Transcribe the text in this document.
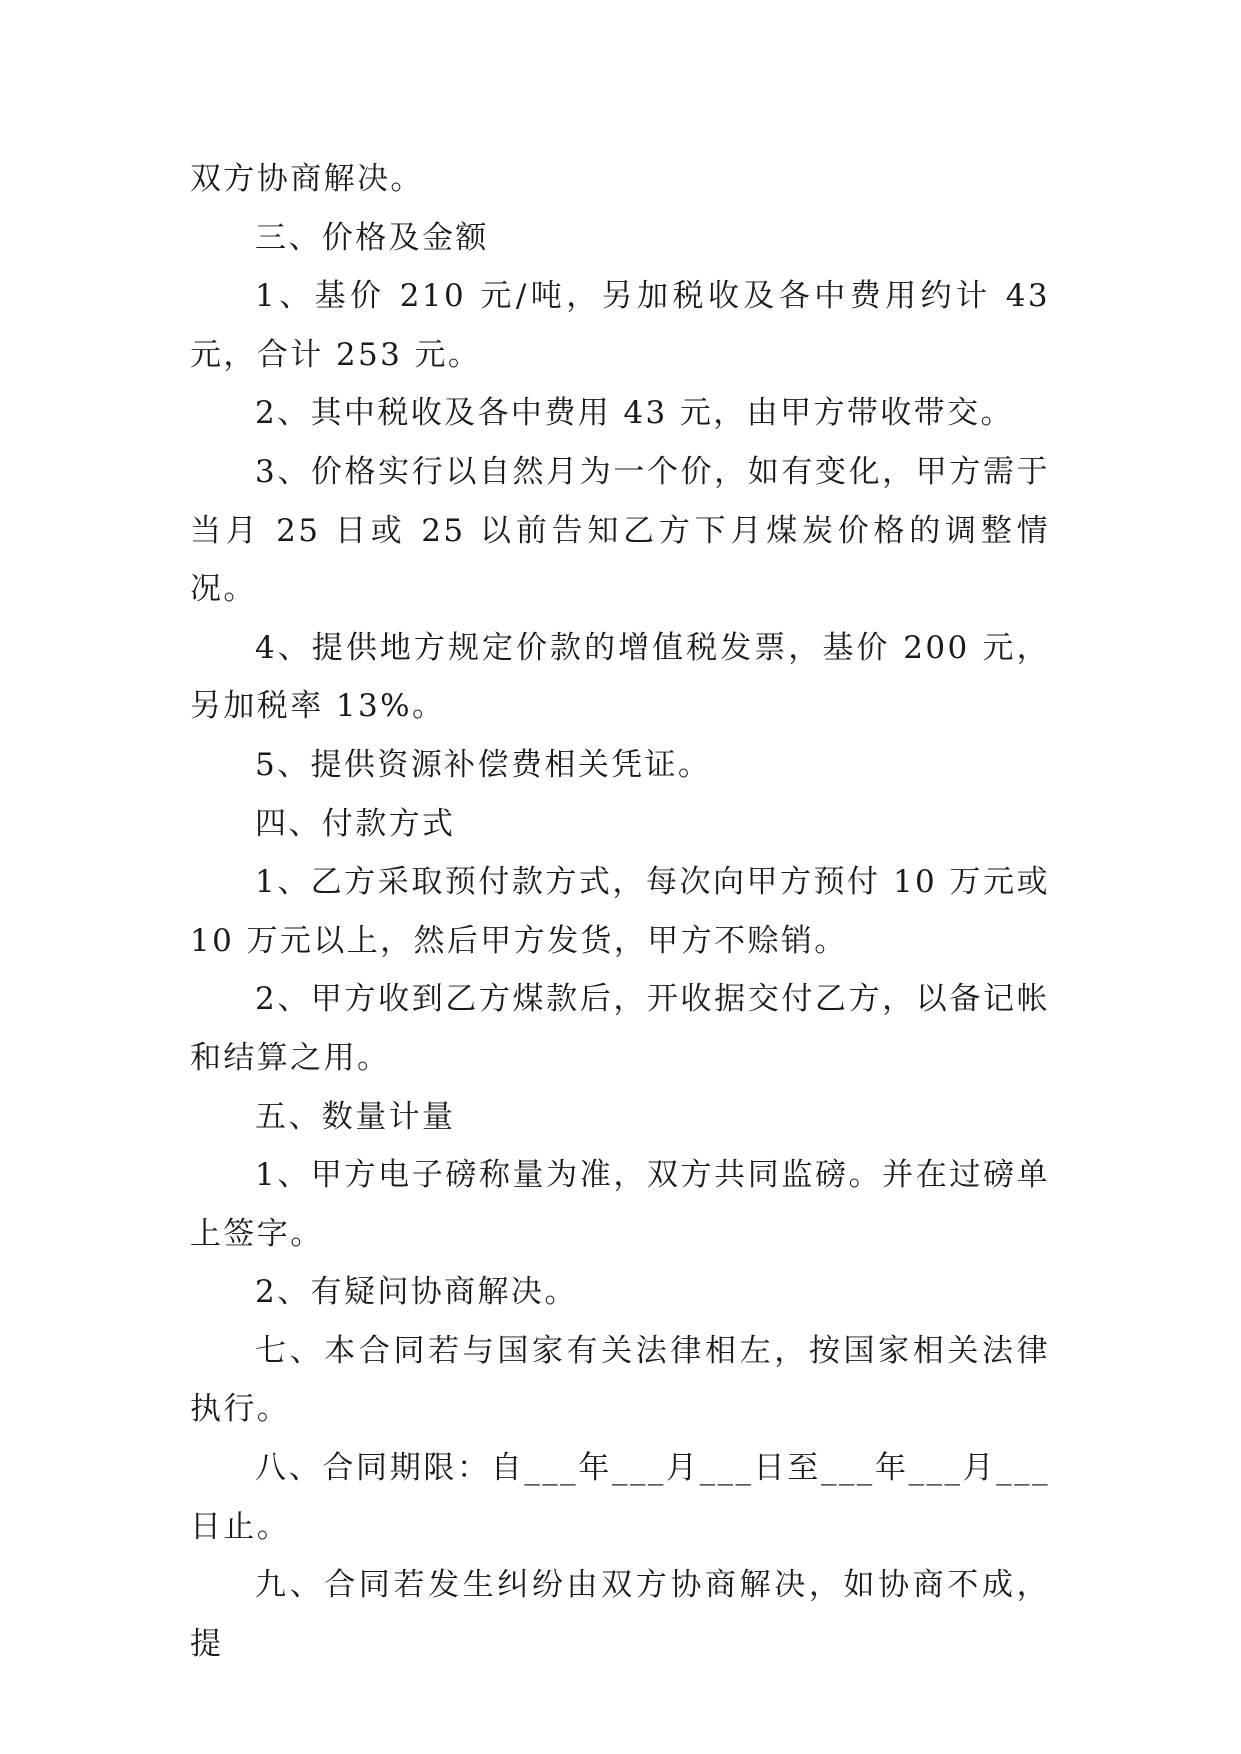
双方协商解决。

三、价格及金额

1、基价 210 元/吨，另加税收及各中费用约计 43 元，合计 253 元。

2、其中税收及各中费用 43 元，由甲方带收带交。

3、价格实行以自然月为一个价，如有变化，甲方需于当月 25 日或 25 以前告知乙方下月煤炭价格的调整情况。

4、提供地方规定价款的增值税发票，基价 200 元，另加税率 13%。

5、提供资源补偿费相关凭证。

四、付款方式

1、乙方采取预付款方式，每次向甲方预付 10 万元或 10 万元以上，然后甲方发货，甲方不赊销。

2、甲方收到乙方煤款后，开收据交付乙方，以备记帐和结算之用。

五、数量计量

1、甲方电子磅称量为准，双方共同监磅。并在过磅单上签字。

2、有疑问协商解决。

七、本合同若与国家有关法律相左，按国家相关法律执行。

八、合同期限：自___年___月___日至___年___月___日止。

九、合同若发生纠纷由双方协商解决，如协商不成，提
